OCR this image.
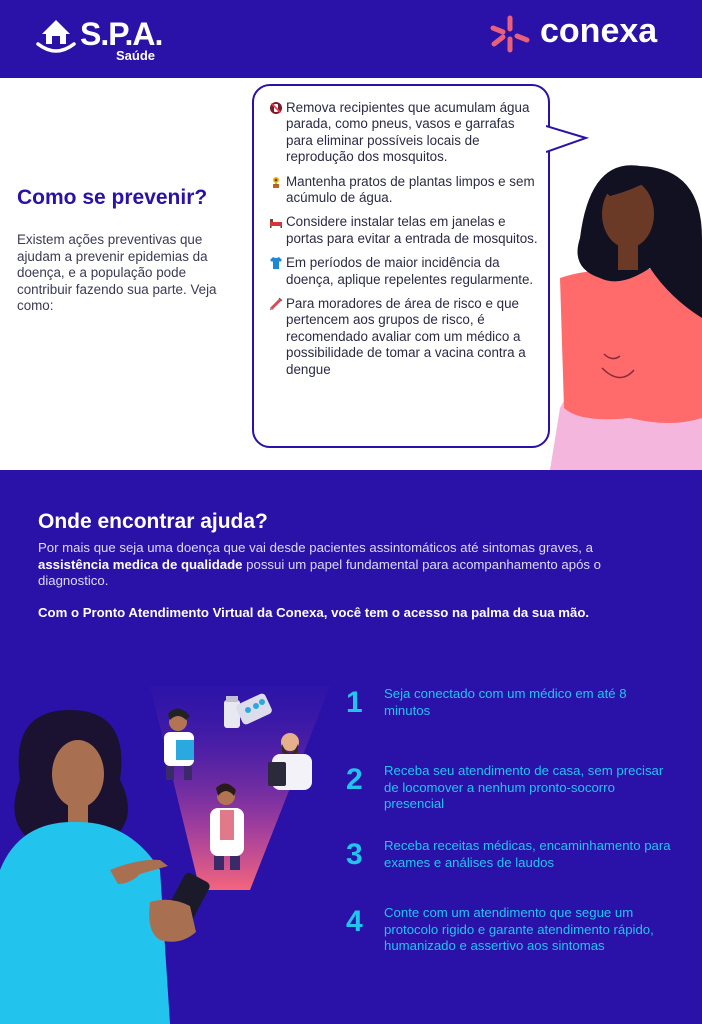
S.P.A.
Saúde
conexa
Como se prevenir?

Existem ações preventivas que ajudam a prevenir epidemias da doença, e a população pode contribuir fazendo sua parte. Veja como:

Remova recipientes que acumulam água parada, como pneus, vasos e garrafas para eliminar possíveis locais de reprodução dos mosquitos.
Mantenha pratos de plantas limpos e sem acúmulo de água.
Considere instalar telas em janelas e portas para evitar a entrada de mosquitos.
Em períodos de maior incidência da doença, aplique repelentes regularmente.
Para moradores de área de risco e que pertencem aos grupos de risco, é recomendado avaliar com um médico a possibilidade de tomar a vacina contra a dengue
Onde encontrar ajuda?

Por mais que seja uma doença que vai desde pacientes assintomáticos até sintomas graves, a assistência medica de qualidade possui um papel fundamental para acompanhamento após o diagnostico.

Com o Pronto Atendimento Virtual da Conexa, você tem o acesso na palma da sua mão.

1 Seja conectado com um médico em até 8 minutos
2 Receba seu atendimento de casa, sem precisar de locomover a nenhum pronto-socorro presencial
3 Receba receitas médicas, encaminhamento para exames e análises de laudos
4 Conte com um atendimento que segue um protocolo rigido e garante atendimento rápido, humanizado e assertivo aos sintomas
